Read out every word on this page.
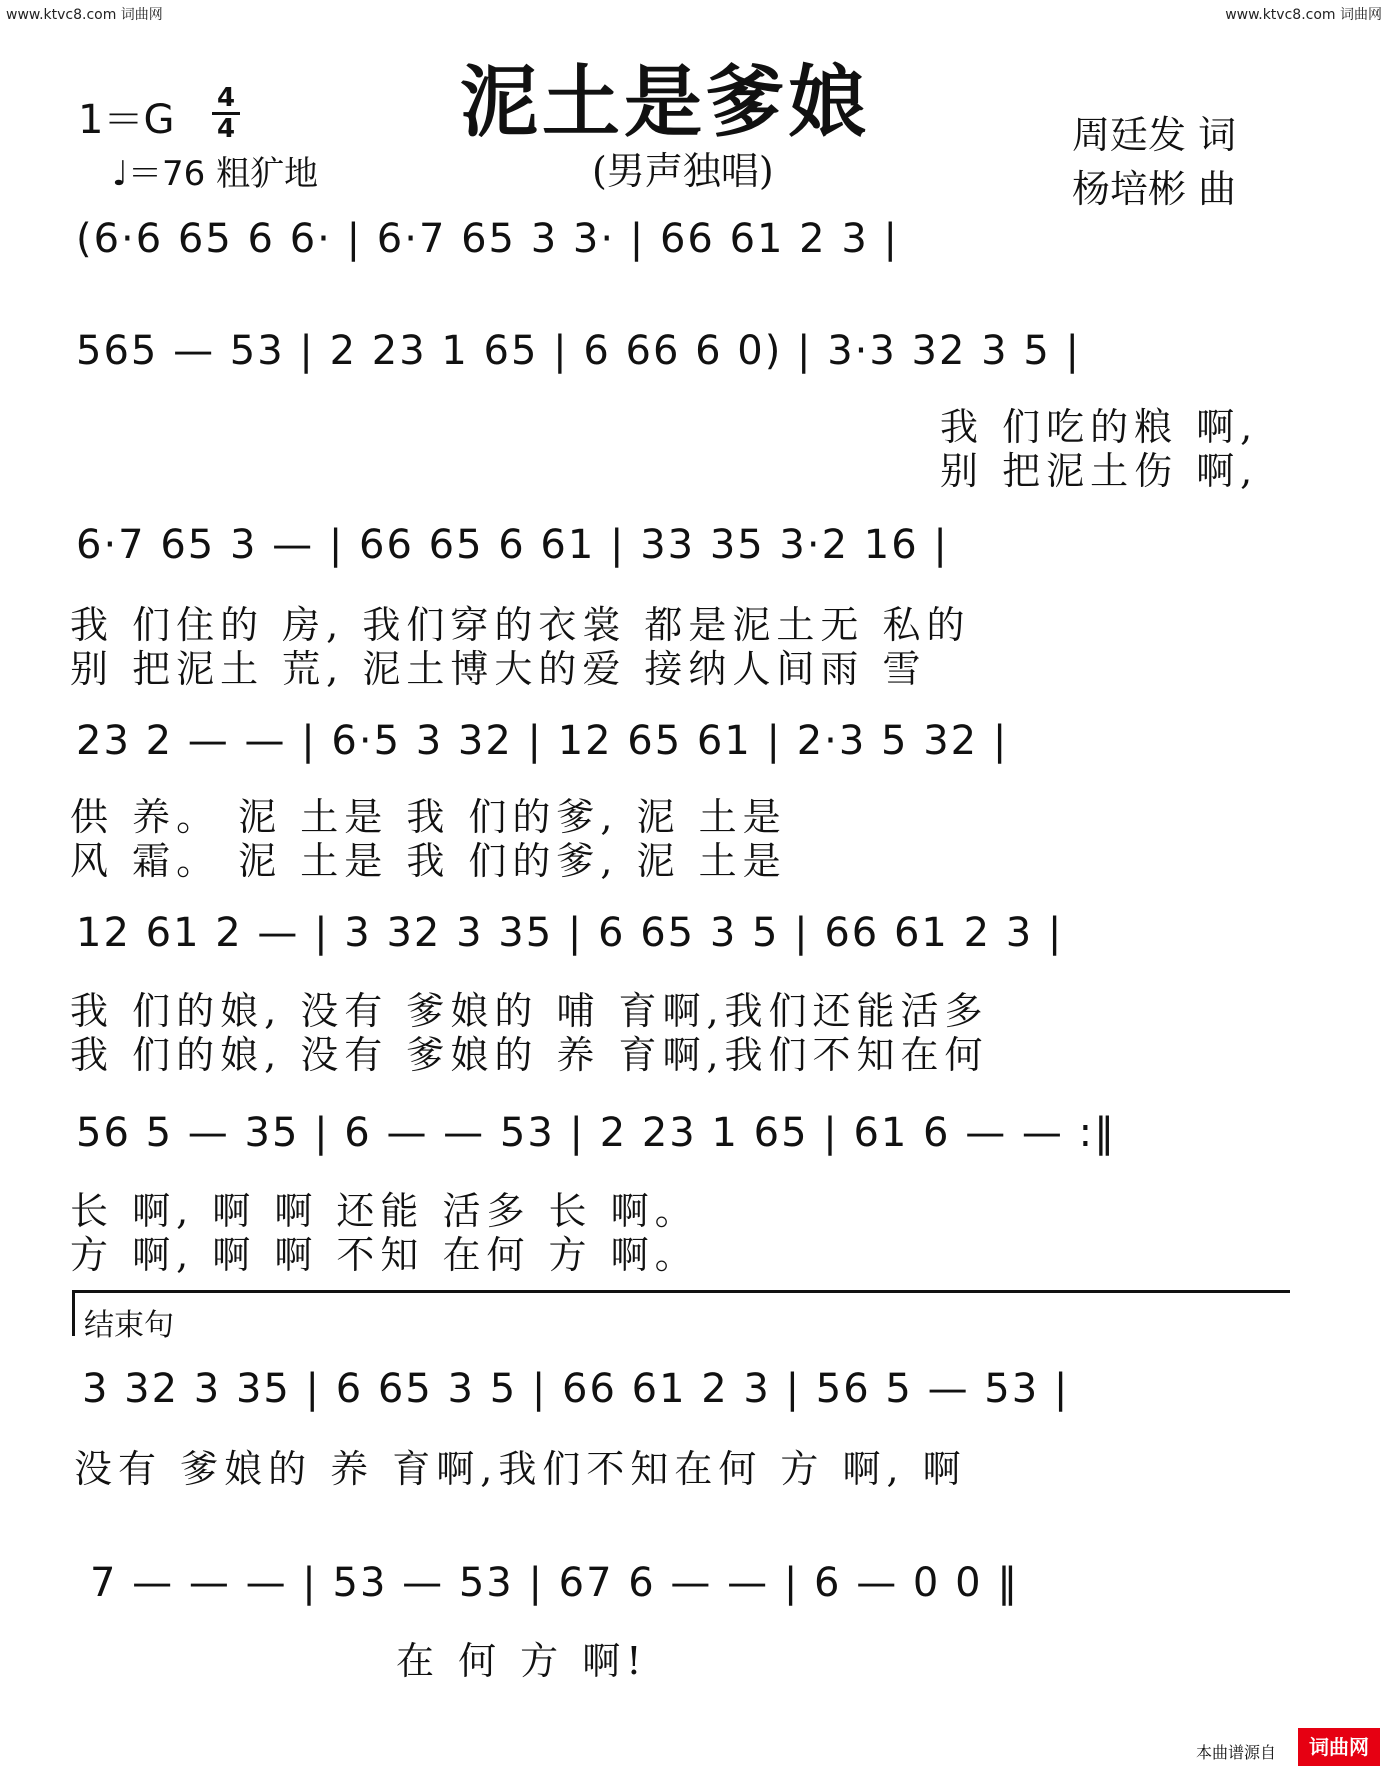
www.ktvc8.com 词曲网	www.ktvc8.com 词曲网
泥土是爹娘
(男声独唱)
1＝G	4
4
♩＝76 粗犷地
周廷发 词
杨培彬 曲
(6·6 65 6 6· | 6·7 65 3 3· | 66 61 2 3 |
565 — 53 | 2 23 1 65 | 6 66 6 0) | 3·3 32 3 5 |
我 们吃的粮 啊,
别 把泥土伤 啊,
6·7 65 3 — | 66 65 6 61 | 33 35 3·2 16 |
我 们住的 房, 我们穿的衣裳 都是泥土无 私的
别 把泥土 荒, 泥土博大的爱 接纳人间雨 雪
23 2 — — | 6·5 3 32 | 12 65 61 | 2·3 5 32 |
供 养。 泥 土是 我 们的爹, 泥 土是
风 霜。 泥 土是 我 们的爹, 泥 土是
12 61 2 — | 3 32 3 35 | 6 65 3 5 | 66 61 2 3 |
我 们的娘, 没有 爹娘的 哺 育啊,我们还能活多
我 们的娘, 没有 爹娘的 养 育啊,我们不知在何
56 5 — 35 | 6 — — 53 | 2 23 1 65 | 61 6 — — :‖
长 啊, 啊 啊 还能 活多 长 啊。
方 啊, 啊 啊 不知 在何 方 啊。
结束句
3 32 3 35 | 6 65 3 5 | 66 61 2 3 | 56 5 — 53 |
没有 爹娘的 养 育啊,我们不知在何 方 啊, 啊
7 — — — | 53 — 53 | 67 6 — — | 6 — 0 0 ‖
在 何 方 啊!
本曲谱源自	词曲网
